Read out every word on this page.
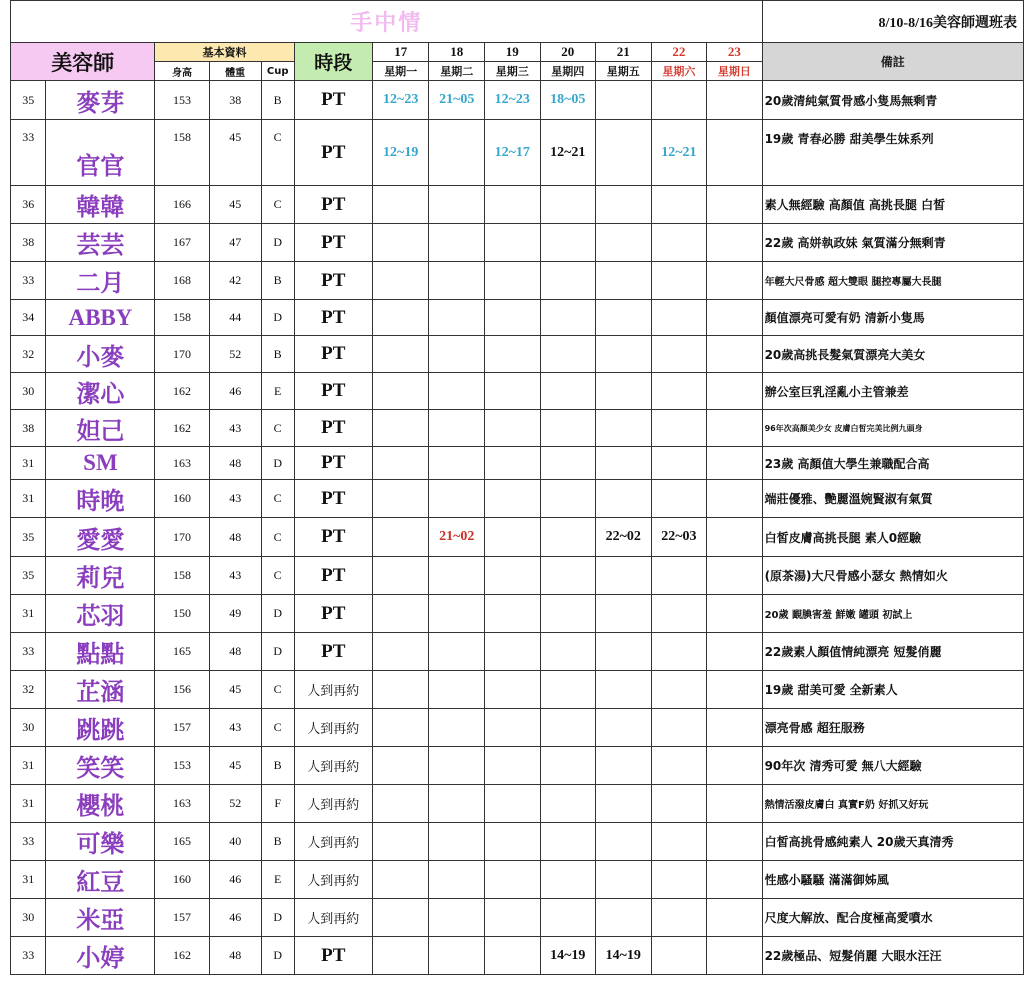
手中情													8/10-8/16美容師週班表
美容師		基本資料			時段	17	18	19	20	21	22	23	備註
		身高	體重	Cup		星期一	星期二	星期三	星期四	星期五	星期六	星期日	
35	麥芽	153	38	B	PT	12~23	21~05	12~23	18~05				20歲清純氣質骨感小隻馬無剩青
33	官官	158	45	C	PT	12~19		12~17	12~21		12~21		19歲 青春必勝 甜美學生妹系列
36	韓韓	166	45	C	PT								素人無經驗 高顏值 高挑長腿 白皙
38	芸芸	167	47	D	PT								22歲 高姘執政妹 氣質滿分無剩青
33	二月	168	42	B	PT								年輕大尺骨感 超大雙眼 腿控專屬大長腿
34	ABBY	158	44	D	PT								顏值漂亮可愛有奶 清新小隻馬
32	小麥	170	52	B	PT								20歲高挑長髮氣質漂亮大美女
30	潔心	162	46	E	PT								辦公室巨乳淫亂小主管兼差
38	妲己	162	43	C	PT								96年次高顏美少女 皮膚白皙完美比例九頭身
31	SM	163	48	D	PT								23歲 高顏值大學生兼職配合高
31	時晚	160	43	C	PT								端莊優雅、艷麗溫婉賢淑有氣質
35	愛愛	170	48	C	PT		21~02			22~02	22~03		白皙皮膚高挑長腿 素人0經驗
35	莉兒	158	43	C	PT								(原茶湯)大尺骨感小瑟女 熱情如火
31	芯羽	150	49	D	PT								20歲 靦腆害羞 鮮嫩 罐頭 初試上
33	點點	165	48	D	PT								22歲素人顏值情純漂亮 短髮俏麗
32	芷涵	156	45	C	人到再約								19歲 甜美可愛 全新素人
30	跳跳	157	43	C	人到再約								漂亮骨感 超狂服務
31	笑笑	153	45	B	人到再約								90年次 清秀可愛 無八大經驗
31	櫻桃	163	52	F	人到再約								熱情活潑皮膚白 真實F奶 好抓又好玩
33	可樂	165	40	B	人到再約								白皙高挑骨感純素人 20歲天真清秀
31	紅豆	160	46	E	人到再約								性感小騷騷 滿滿御姊風
30	米亞	157	46	D	人到再約								尺度大解放、配合度極高愛噴水
33	小婷	162	48	D	PT				14~19	14~19			22歲極品、短髮俏麗 大眼水汪汪
